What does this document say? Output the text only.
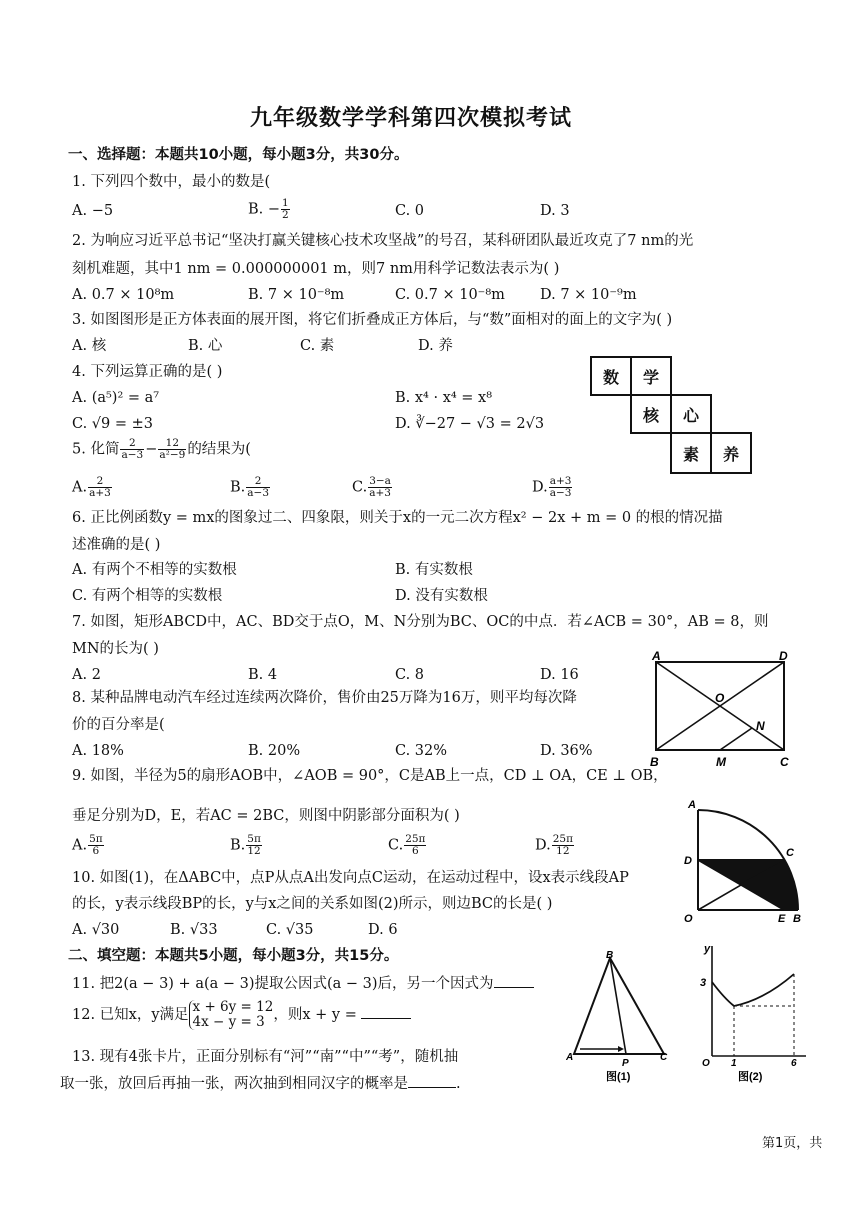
九年级数学学科第四次模拟考试
一、选择题：本题共10小题，每小题3分，共30分。
1. 下列四个数中，最小的数是(
A. −5	B. − $\frac{1}{2}$	C. 0	D. 3
2. 为响应习近平总书记“坚决打赢关键核心技术攻坚战”的号召，某科研团队最近攻克了7 nm的光
刻机难题，其中1 nm = 0.000000001 m，则7 nm用科学记数法表示为( )
A. 0.7 × 10⁸m	B. 7 × 10⁻⁸m	C. 0.7 × 10⁻⁸m D. 7 × 10⁻⁹m
3. 如图图形是正方体表面的展开图，将它们折叠成正方体后，与“数”面相对的面上的文字为( )
A. 核	B. 心	C. 素	D. 养
数	学
核	心
素	养
4. 下列运算正确的是( )
A. (a⁵)² = a⁷	B. x⁴ · x⁴ = x⁸
C. √9 = ±3	D. ∛−27 − √3 = 2√3
5. 化简 $\frac{2}{a-3} - \frac{12}{\text{a²−9}}$ 的结果为(
A. $\frac{2}{a+3}$	B. $\frac{2}{a-3}$	C. $\frac{3-a}{a+3}$	D. $\frac{a+3}{a-3}$
6. 正比例函数y = mx的图象过二、四象限，则关于x的一元二次方程x² − 2x + m = 0 的根的情况描
述准确的是( )
A. 有两个不相等的实数根	B. 有实数根
C. 有两个相等的实数根	D. 没有实数根
7. 如图，矩形ABCD中，AC、BD交于点O，M、N分别为BC、OC的中点．若∠ACB = 30°，AB = 8，则
MN的长为( )
A. 2	B. 4	C. 8	D. 16
A	D
B	C
O
M
N
8. 某种品牌电动汽车经过连续两次降价，售价由25万降为16万，则平均每次降
价的百分率是(
A. 18%	B. 20%	C. 32%	D. 36%
9. 如图，半径为5的扇形AOB中，∠AOB = 90°，C是AB上一点，CD ⊥ OA，CE ⊥ OB，
垂足分别为D，E，若AC = 2BC，则图中阴影部分面积为( )
A. $\frac{5\pi}{6}$	B. $\frac{5\pi}{12}$	C. $\frac{25\pi}{6}$	D. $\frac{25\pi}{12}$
A
D
O
C
E B
10. 如图(1)，在ΔABC中，点P从点A出发向点C运动，在运动过程中，设x表示线段AP
的长，y表示线段BP的长，y与x之间的关系如图(2)所示，则边BC的长是( )
A. √30	B. √33	C. √35	D. 6
二、填空题：本题共5小题，每小题3分，共15分。
11. 把2(a − 3) + a(a − 3)提取公因式(a − 3)后，另一个因式为
12. 已知x，y满足 x + 6y = 12
4x − y = 3 ，则x + y =
13. 现有4张卡片，正面分别标有“河”“南”“中”“考”，随机抽
取一张，放回后再抽一张，两次抽到相同汉字的概率是	.
B
A
P
C
图(1)
y
3
O 1	6
图(2)
第1页，共
